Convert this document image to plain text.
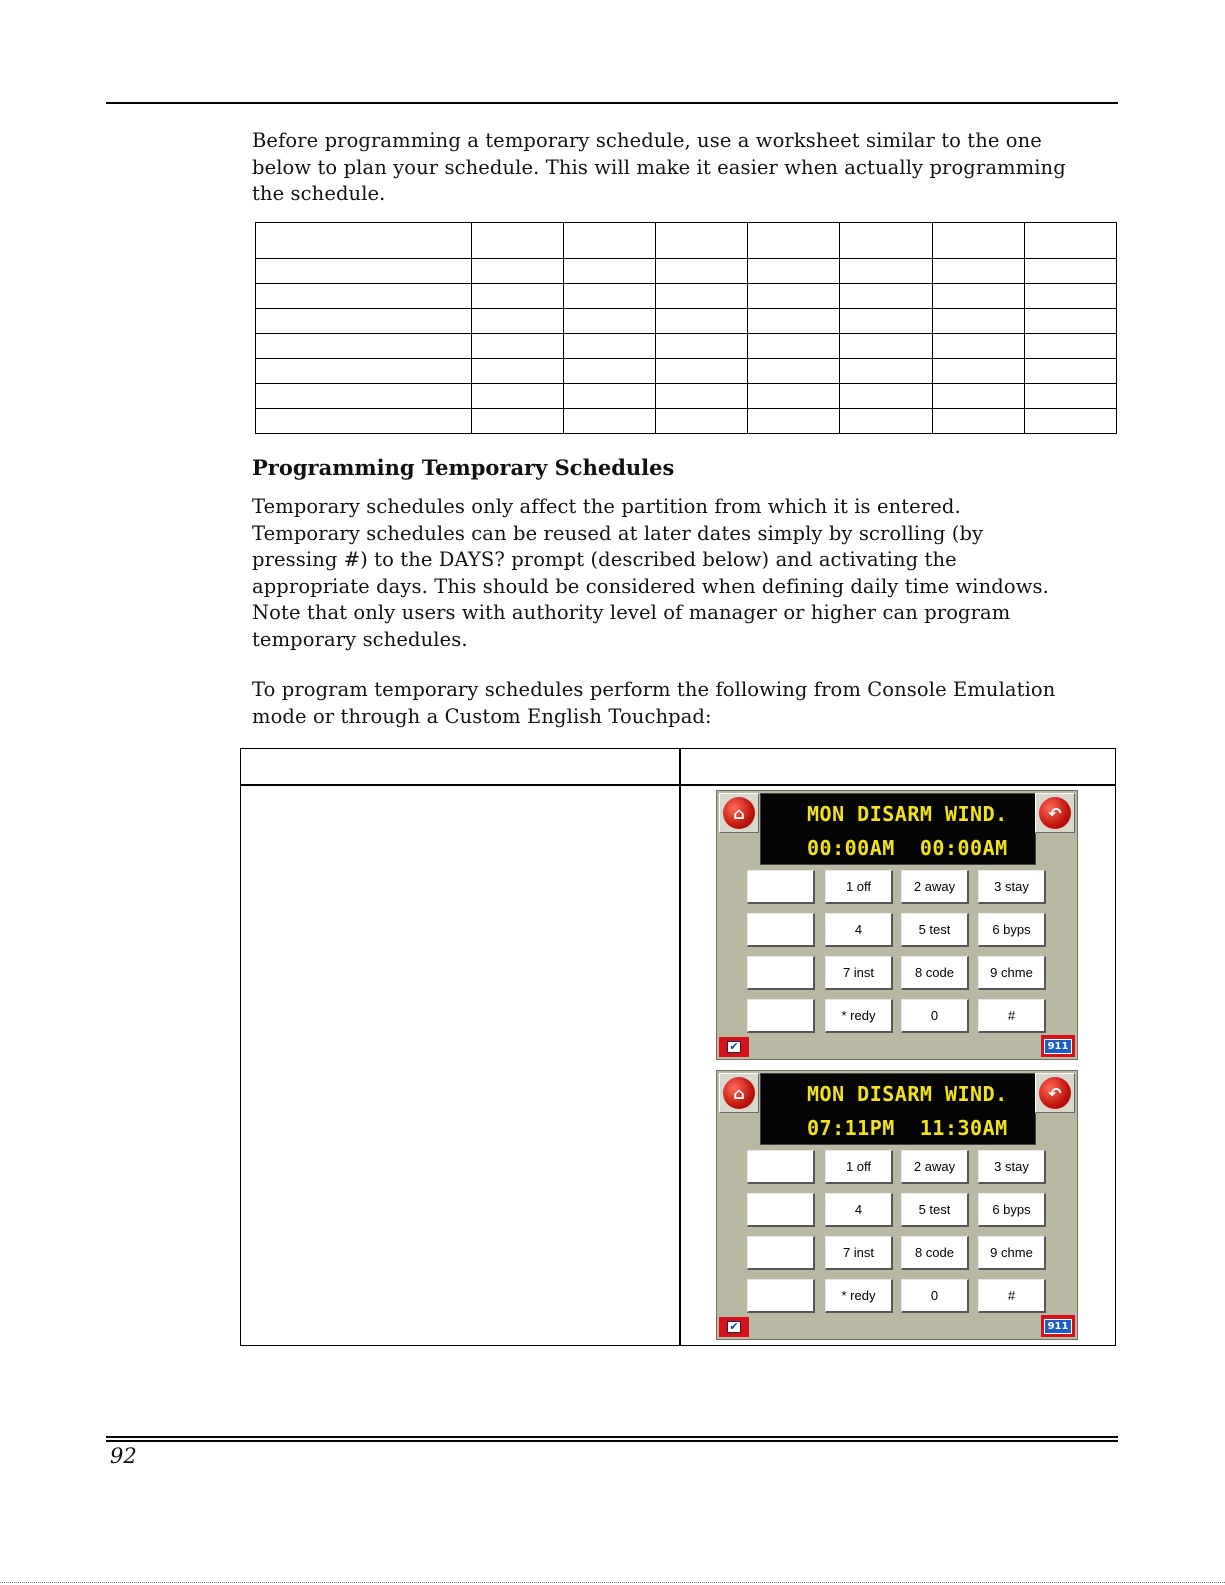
Before programming a temporary schedule, use a worksheet similar to the one below to plan your schedule. This will make it easier when actually programming the schedule.

Programming Temporary Schedules

Temporary schedules only affect the partition from which it is entered. Temporary schedules can be reused at later dates simply by scrolling (by pressing #) to the DAYS? prompt (described below) and activating the appropriate days. This should be considered when defining daily time windows. Note that only users with authority level of manager or higher can program temporary schedules.

To program temporary schedules perform the following from Console Emulation mode or through a Custom English Touchpad:

⌂	MON DISARM WIND.
00:00AM  00:00AM
↶
1 off	2 away	3 stay
4	5 test	6 byps
7 inst	8 code	9 chme
* redy	0	#
✔	911
⌂	MON DISARM WIND.
07:11PM  11:30AM
↶
1 off	2 away	3 stay
4	5 test	6 byps
7 inst	8 code	9 chme
* redy	0	#
✔	911

92
